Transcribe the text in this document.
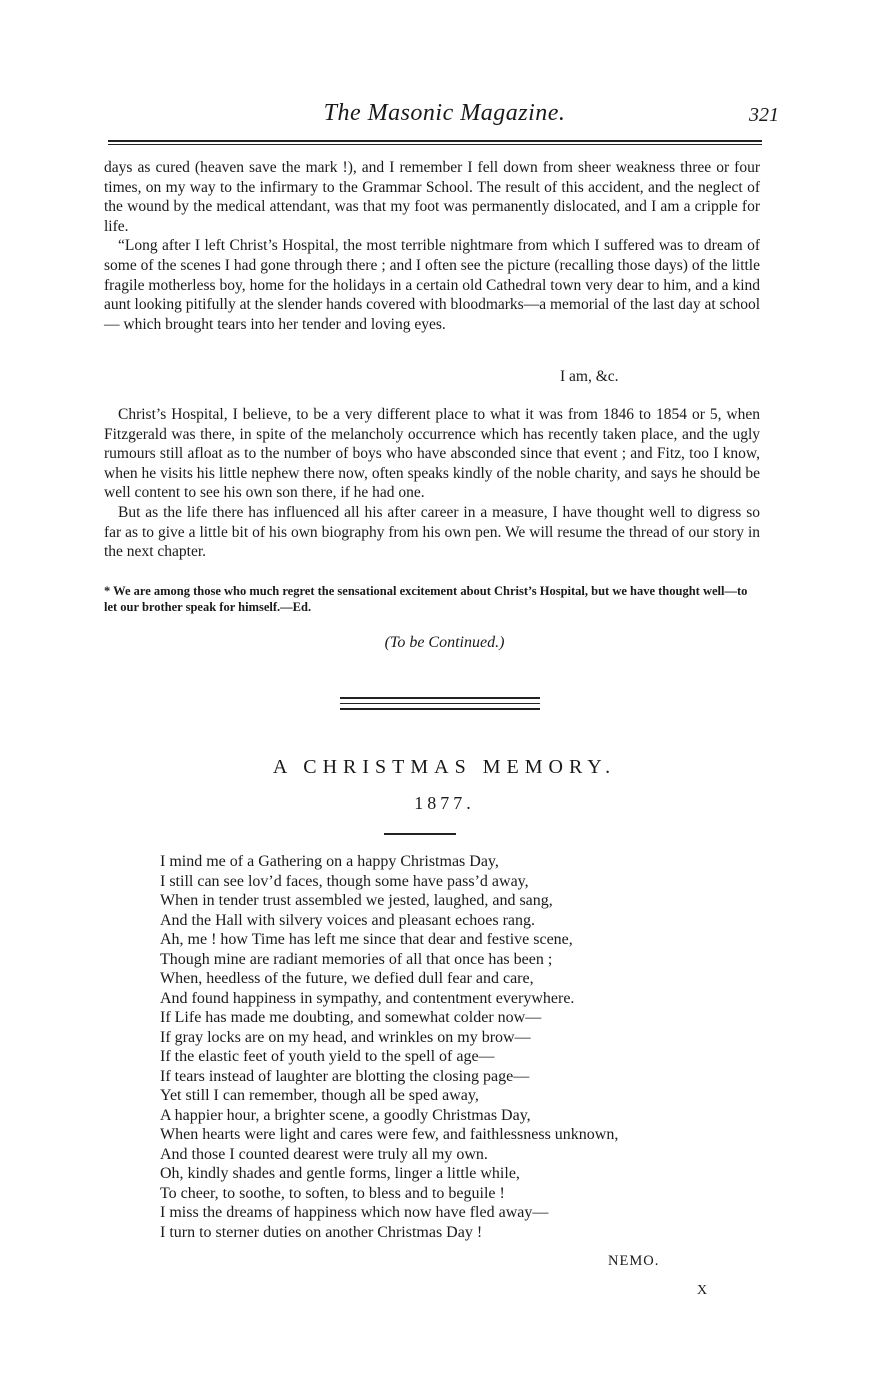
The Masonic Magazine.	321

days as cured (heaven save the mark !), and I remember I fell down from sheer weakness three or four times, on my way to the infirmary to the Grammar School. The result of this accident, and the neglect of the wound by the medical attendant, was that my foot was permanently dislocated, and I am a cripple for life.

“Long after I left Christ’s Hospital, the most terrible nightmare from which I suffered was to dream of some of the scenes I had gone through there ; and I often see the picture (recalling those days) of the little fragile motherless boy, home for the holidays in a certain old Cathedral town very dear to him, and a kind aunt looking pitifully at the slender hands covered with bloodmarks—a memorial of the last day at school— which brought tears into her tender and loving eyes.

I am, &c.

Christ’s Hospital, I believe, to be a very different place to what it was from 1846 to 1854 or 5, when Fitzgerald was there, in spite of the melancholy occurrence which has recently taken place, and the ugly rumours still afloat as to the number of boys who have absconded since that event ; and Fitz, too I know, when he visits his little nephew there now, often speaks kindly of the noble charity, and says he should be well content to see his own son there, if he had one.

But as the life there has influenced all his after career in a measure, I have thought well to digress so far as to give a little bit of his own biography from his own pen. We will resume the thread of our story in the next chapter.

* We are among those who much regret the sensational excitement about Christ’s Hospital, but we have thought well—to let our brother speak for himself.—Ed.
(To be Continued.)
A CHRISTMAS MEMORY.
1877.
I mind me of a Gathering on a happy Christmas Day,
I still can see lov’d faces, though some have pass’d away,
When in tender trust assembled we jested, laughed, and sang,
And the Hall with silvery voices and pleasant echoes rang.
Ah, me ! how Time has left me since that dear and festive scene,
Though mine are radiant memories of all that once has been ;
When, heedless of the future, we defied dull fear and care,
And found happiness in sympathy, and contentment everywhere.
If Life has made me doubting, and somewhat colder now—
If gray locks are on my head, and wrinkles on my brow—
If the elastic feet of youth yield to the spell of age—
If tears instead of laughter are blotting the closing page—
Yet still I can remember, though all be sped away,
A happier hour, a brighter scene, a goodly Christmas Day,
When hearts were light and cares were few, and faithlessness unknown,
And those I counted dearest were truly all my own.
Oh, kindly shades and gentle forms, linger a little while,
To cheer, to soothe, to soften, to bless and to beguile !
I miss the dreams of happiness which now have fled away—
I turn to sterner duties on another Christmas Day !
NEMO.
X
